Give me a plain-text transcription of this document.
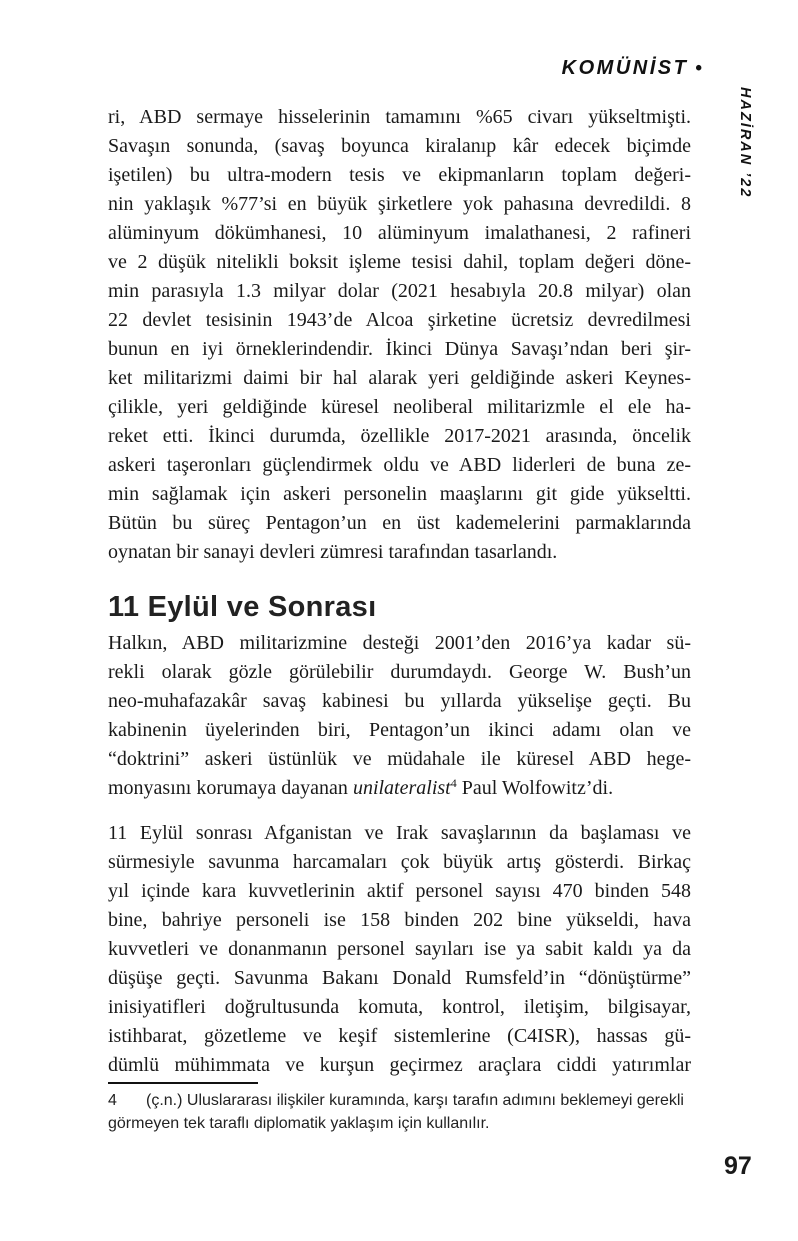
KOMÜNİST •
HAZİRAN ’22
ri, ABD sermaye hisselerinin tamamını %65 civarı yükseltmişti.
Savaşın sonunda, (savaş boyunca kiralanıp kâr edecek biçimde
işetilen) bu ultra-modern tesis ve ekipmanların toplam değeri-
nin yaklaşık %77’si en büyük şirketlere yok pahasına devredildi. 8
alüminyum dökümhanesi, 10 alüminyum imalathanesi, 2 rafineri
ve 2 düşük nitelikli boksit işleme tesisi dahil, toplam değeri döne-
min parasıyla 1.3 milyar dolar (2021 hesabıyla 20.8 milyar) olan
22 devlet tesisinin 1943’de Alcoa şirketine ücretsiz devredilmesi
bunun en iyi örneklerindendir. İkinci Dünya Savaşı’ndan beri şir-
ket militarizmi daimi bir hal alarak yeri geldiğinde askeri Keynes-
çilikle, yeri geldiğinde küresel neoliberal militarizmle el ele ha-
reket etti. İkinci durumda, özellikle 2017-2021 arasında, öncelik
askeri taşeronları güçlendirmek oldu ve ABD liderleri de buna ze-
min sağlamak için askeri personelin maaşlarını git gide yükseltti.
Bütün bu süreç Pentagon’un en üst kademelerini parmaklarında
oynatan bir sanayi devleri zümresi tarafından tasarlandı.
11 Eylül ve Sonrası
Halkın, ABD militarizmine desteği 2001’den 2016’ya kadar sü-
rekli olarak gözle görülebilir durumdaydı. George W. Bush’un
neo-muhafazakâr savaş kabinesi bu yıllarda yükselişe geçti. Bu
kabinenin üyelerinden biri, Pentagon’un ikinci adamı olan ve
“doktrini” askeri üstünlük ve müdahale ile küresel ABD hege-
monyasını korumaya dayanan unilateralist$^4$ Paul Wolfowitz’di.
11 Eylül sonrası Afganistan ve Irak savaşlarının da başlaması ve
sürmesiyle savunma harcamaları çok büyük artış gösterdi. Birkaç
yıl içinde kara kuvvetlerinin aktif personel sayısı 470 binden 548
bine, bahriye personeli ise 158 binden 202 bine yükseldi, hava
kuvvetleri ve donanmanın personel sayıları ise ya sabit kaldı ya da
düşüşe geçti. Savunma Bakanı Donald Rumsfeld’in “dönüştürme”
inisiyatifleri doğrultusunda komuta, kontrol, iletişim, bilgisayar,
istihbarat, gözetleme ve keşif sistemlerine (C4ISR), hassas gü-
dümlü mühimmata ve kurşun geçirmez araçlara ciddi yatırımlar
4 (ç.n.) Uluslararası ilişkiler kuramında, karşı tarafın adımını beklemeyi gerekli görmeyen tek taraflı diplomatik yaklaşım için kullanılır.
97
